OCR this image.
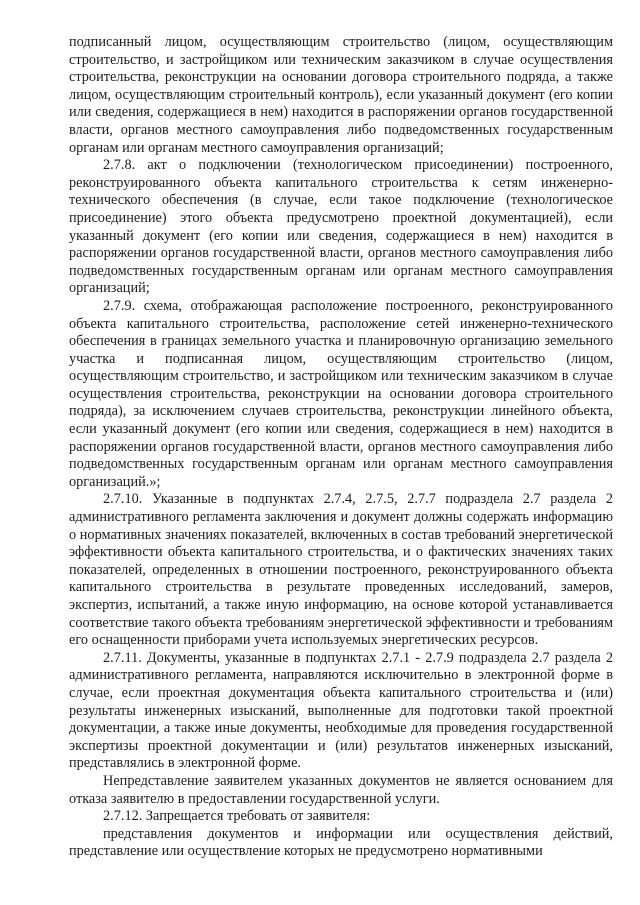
подписанный лицом, осуществляющим строительство (лицом, осуществляющим строительство, и застройщиком или техническим заказчиком в случае осуществления строительства, реконструкции на основании договора строительного подряда, а также лицом, осуществляющим строительный контроль), если указанный документ (его копии или сведения, содержащиеся в нем) находится в распоряжении органов государственной власти, органов местного самоуправления либо подведомственных государственным органам или органам местного самоуправления организаций;

2.7.8. акт о подключении (технологическом присоединении) построенного, реконструированного объекта капитального строительства к сетям инженерно-технического обеспечения (в случае, если такое подключение (технологическое присоединение) этого объекта предусмотрено проектной документацией), если указанный документ (его копии или сведения, содержащиеся в нем) находится в распоряжении органов государственной власти, органов местного самоуправления либо подведомственных государственным органам или органам местного самоуправления организаций;

2.7.9. схема, отображающая расположение построенного, реконструированного объекта капитального строительства, расположение сетей инженерно-технического обеспечения в границах земельного участка и планировочную организацию земельного участка и подписанная лицом, осуществляющим строительство (лицом, осуществляющим строительство, и застройщиком или техническим заказчиком в случае осуществления строительства, реконструкции на основании договора строительного подряда), за исключением случаев строительства, реконструкции линейного объекта, если указанный документ (его копии или сведения, содержащиеся в нем) находится в распоряжении органов государственной власти, органов местного самоуправления либо подведомственных государственным органам или органам местного самоуправления организаций.»;

2.7.10. Указанные в подпунктах 2.7.4, 2.7.5, 2.7.7 подраздела 2.7 раздела 2 административного регламента заключения и документ должны содержать информацию о нормативных значениях показателей, включенных в состав требований энергетической эффективности объекта капитального строительства, и о фактических значениях таких показателей, определенных в отношении построенного, реконструированного объекта капитального строительства в результате проведенных исследований, замеров, экспертиз, испытаний, а также иную информацию, на основе которой устанавливается соответствие такого объекта требованиям энергетической эффективности и требованиям его оснащенности приборами учета используемых энергетических ресурсов.

2.7.11. Документы, указанные в подпунктах 2.7.1 - 2.7.9 подраздела 2.7 раздела 2 административного регламента, направляются исключительно в электронной форме в случае, если проектная документация объекта капитального строительства и (или) результаты инженерных изысканий, выполненные для подготовки такой проектной документации, а также иные документы, необходимые для проведения государственной экспертизы проектной документации и (или) результатов инженерных изысканий, представлялись в электронной форме.

Непредставление заявителем указанных документов не является основанием для отказа заявителю в предоставлении государственной услуги.

2.7.12. Запрещается требовать от заявителя:

представления документов и информации или осуществления действий, представление или осуществление которых не предусмотрено нормативными
